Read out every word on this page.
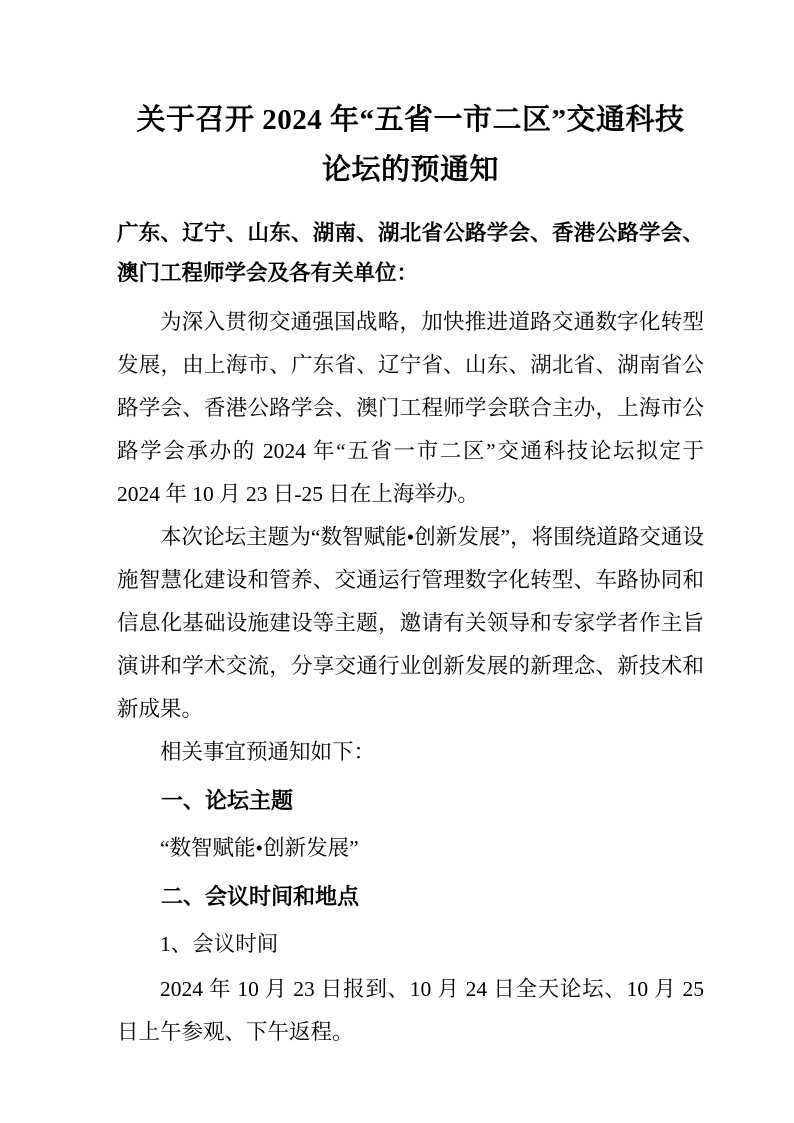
关于召开 2024 年“五省一市二区”交通科技论坛的预通知

广东、辽宁、山东、湖南、湖北省公路学会、香港公路学会、澳门工程师学会及各有关单位：

为深入贯彻交通强国战略，加快推进道路交通数字化转型发展，由上海市、广东省、辽宁省、山东、湖北省、湖南省公路学会、香港公路学会、澳门工程师学会联合主办，上海市公路学会承办的 2024 年“五省一市二区”交通科技论坛拟定于 2024 年 10 月 23 日-25 日在上海举办。

本次论坛主题为“数智赋能•创新发展”，将围绕道路交通设施智慧化建设和管养、交通运行管理数字化转型、车路协同和信息化基础设施建设等主题，邀请有关领导和专家学者作主旨演讲和学术交流，分享交通行业创新发展的新理念、新技术和新成果。

相关事宜预通知如下：

一、论坛主题

“数智赋能•创新发展”

二、会议时间和地点

1、会议时间

2024 年 10 月 23 日报到、10 月 24 日全天论坛、10 月 25 日上午参观、下午返程。
